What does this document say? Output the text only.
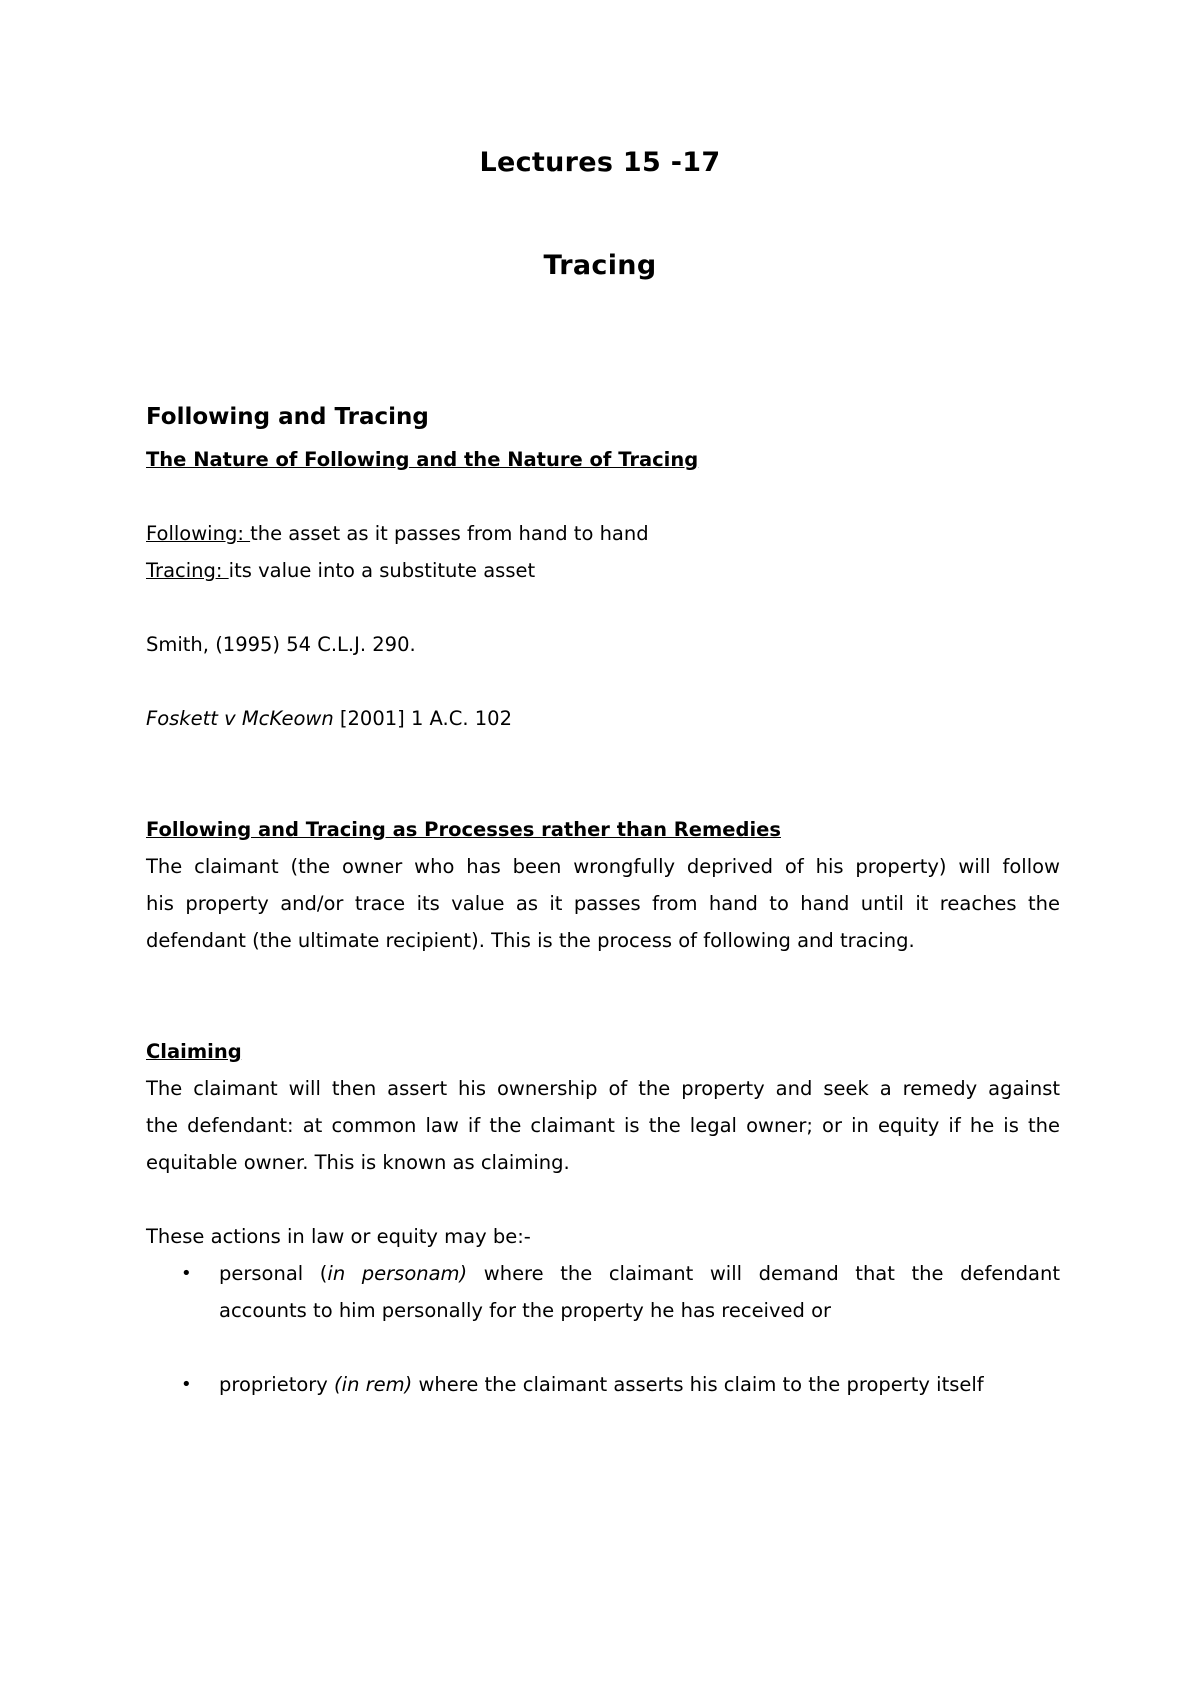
Lectures 15 -17
Tracing
Following and Tracing
The Nature of Following and the Nature of Tracing
Following: the asset as it passes from hand to hand
Tracing: its value into a substitute asset
Smith, (1995) 54 C.L.J. 290.
Foskett v McKeown [2001] 1 A.C. 102
Following and Tracing as Processes rather than Remedies
The claimant (the owner who has been wrongfully deprived of his property) will follow
his property and/or trace its value as it passes from hand to hand until it reaches the
defendant (the ultimate recipient). This is the process of following and tracing.
Claiming
The claimant will then assert his ownership of the property and seek a remedy against
the defendant: at common law if the claimant is the legal owner; or in equity if he is the
equitable owner. This is known as claiming.
These actions in law or equity may be:-
• personal (in personam) where the claimant will demand that the defendant
accounts to him personally for the property he has received or
• proprietory (in rem) where the claimant asserts his claim to the property itself
